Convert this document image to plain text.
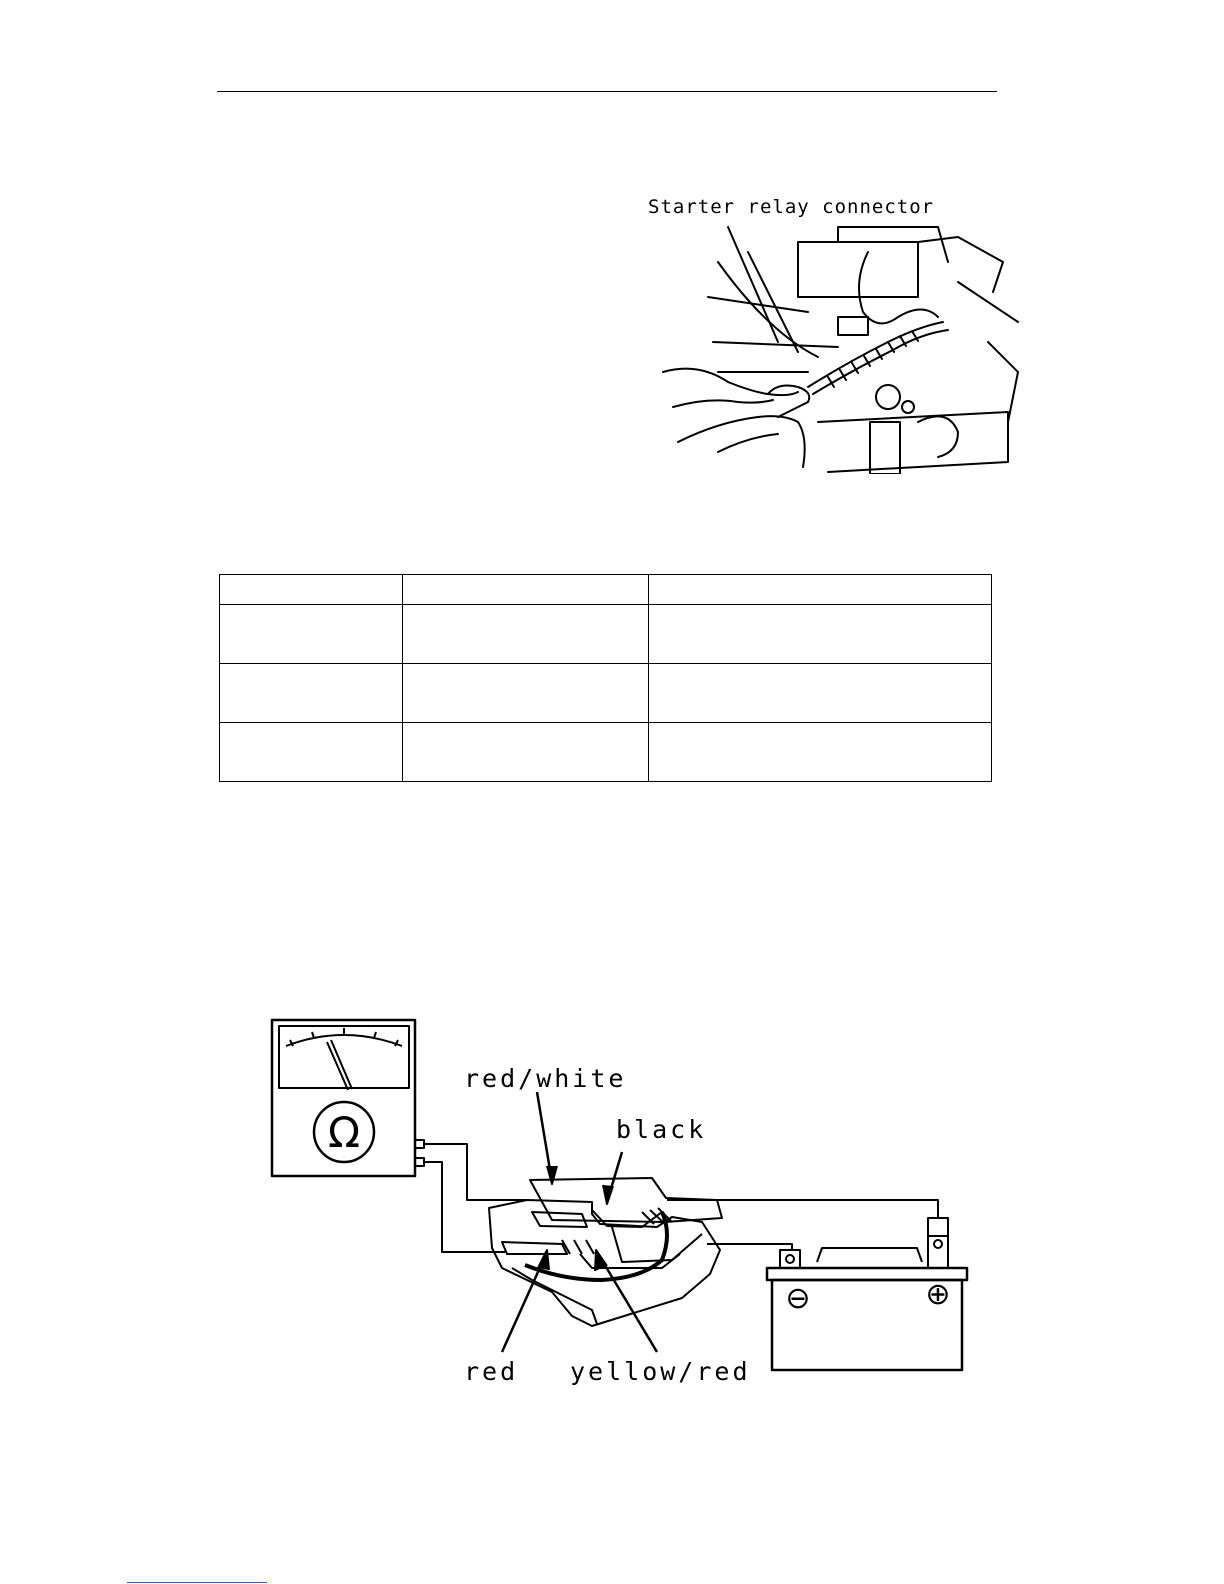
Starter relay connector

Ω
⊖	⊕
red/white
black
red yellow/red
